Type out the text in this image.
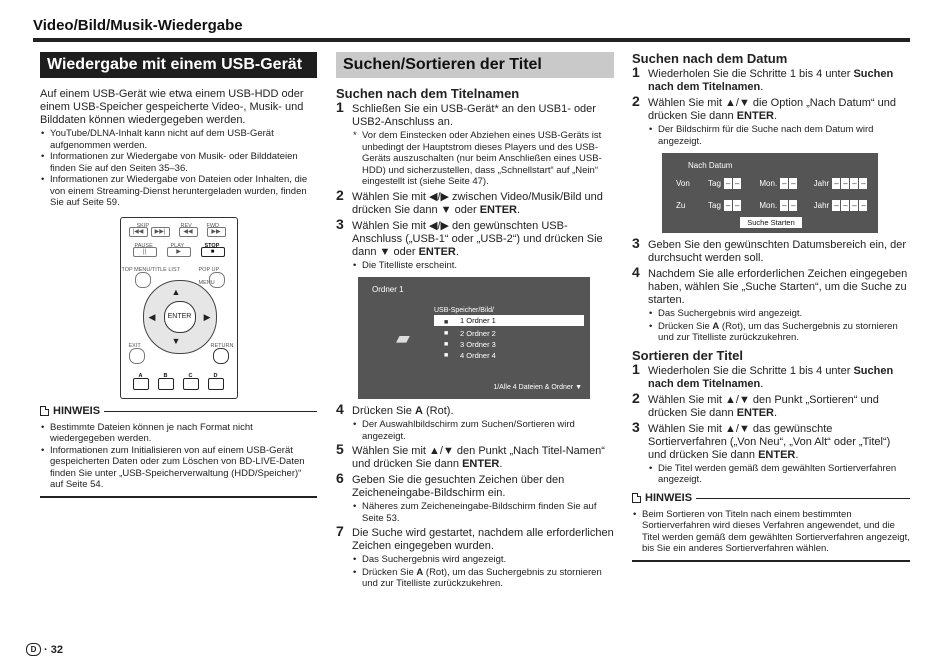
Video/Bild/Musik-Wiedergabe
Wiedergabe mit einem USB-Gerät

Auf einem USB-Gerät wie etwa einem USB-HDD oder einem USB-Speicher gespeicherte Video-, Musik- und Bilddaten können wiedergegeben werden.

• YouTube/DLNA-Inhalt kann nicht auf dem USB-Gerät aufgenommen werden.
• Informationen zur Wiedergabe von Musik- oder Bilddateien finden Sie auf den Seiten 35–36.
• Informationen zur Wiedergabe von Dateien oder Inhalten, die von einem Streaming-Dienst heruntergeladen wurden, finden Sie auf Seite 59.
SKIP	REV	FWD
|◀◀	▶▶|	◀◀	▶▶
PAUSE	PLAY	STOP
||	▶	■
TOP MENU/TITLE LIST	POP UP MENU
▲
▼
◀	▶
ENTER
EXIT	RETURN
A	B	C	D
HINWEIS
• Bestimmte Dateien können je nach Format nicht wiedergegeben werden.
• Informationen zum Initialisieren von auf einem USB-Gerät gespeicherten Daten oder zum Löschen von BD-LIVE-Daten finden Sie unter „USB-Speicherverwaltung (HDD/Speicher)“ auf Seite 54.
Suchen/Sortieren der Titel
Suchen nach dem Titelnamen
1 Schließen Sie ein USB-Gerät* an den USB1- oder USB2-Anschluss an.

* Vor dem Einstecken oder Abziehen eines USB-Geräts ist unbedingt der Hauptstrom dieses Players und des USB-Geräts auszuschalten (nur beim Anschließen eines USB-HDD) und sicherzustellen, dass „Schnellstart“ auf „Nein“ eingestellt ist (siehe Seite 47).
2 Wählen Sie mit ◀/▶ zwischen Video/Musik/Bild und drücken Sie dann ▼ oder ENTER.

3 Wählen Sie mit ◀/▶ den gewünschten USB-Anschluss („USB-1“ oder „USB-2“) und drücken Sie dann ▼ oder ENTER.

• Die Titelliste erscheint.
Ordner 1
USB-Speicher/Bild/
▰
1 Ordner 1
■
■ 2 Ordner 2
■ 3 Ordner 3
■ 4 Ordner 4
1/Alle 4 Dateien & Ordner ▼
4 Drücken Sie A (Rot).

• Der Auswahlbildschirm zum Suchen/Sortieren wird angezeigt.
5 Wählen Sie mit ▲/▼ den Punkt „Nach Titel-Namen“ und drücken Sie dann ENTER.

6 Geben Sie die gesuchten Zeichen über den Zeicheneingabe-Bildschirm ein.

• Näheres zum Zeicheneingabe-Bildschirm finden Sie auf Seite 53.
7 Die Suche wird gestartet, nachdem alle erforderlichen Zeichen eingegeben wurden.

• Das Suchergebnis wird angezeigt.
• Drücken Sie A (Rot), um das Suchergebnis zu stornieren und zur Titelliste zurückzukehren.
Suchen nach dem Datum
1 Wiederholen Sie die Schritte 1 bis 4 unter Suchen nach dem Titelnamen.

2 Wählen Sie mit ▲/▼ die Option „Nach Datum“ und drücken Sie dann ENTER.

• Der Bildschirm für die Suche nach dem Datum wird angezeigt.
Nach Datum
Von Tag – –	Mon. – – Jahr – – – –
Zu	Tag – –	Mon. – – Jahr – – – –
Suche Starten
3 Geben Sie den gewünschten Datumsbereich ein, der durchsucht werden soll.

4 Nachdem Sie alle erforderlichen Zeichen eingegeben haben, wählen Sie „Suche Starten“, um die Suche zu starten.

• Das Suchergebnis wird angezeigt.
• Drücken Sie A (Rot), um das Suchergebnis zu stornieren und zur Titelliste zurückzukehren.
Sortieren der Titel
1 Wiederholen Sie die Schritte 1 bis 4 unter Suchen nach dem Titelnamen.

2 Wählen Sie mit ▲/▼ den Punkt „Sortieren“ und drücken Sie dann ENTER.

3 Wählen Sie mit ▲/▼ das gewünschte Sortierverfahren („Von Neu“, „Von Alt“ oder „Titel“) und drücken Sie dann ENTER.

• Die Titel werden gemäß dem gewählten Sortierverfahren angezeigt.
HINWEIS
• Beim Sortieren von Titeln nach einem bestimmten Sortierverfahren wird dieses Verfahren angewendet, und die Titel werden gemäß dem gewählten Sortierverfahren angezeigt, bis Sie ein anderes Sortierverfahren wählen.
D · 32
